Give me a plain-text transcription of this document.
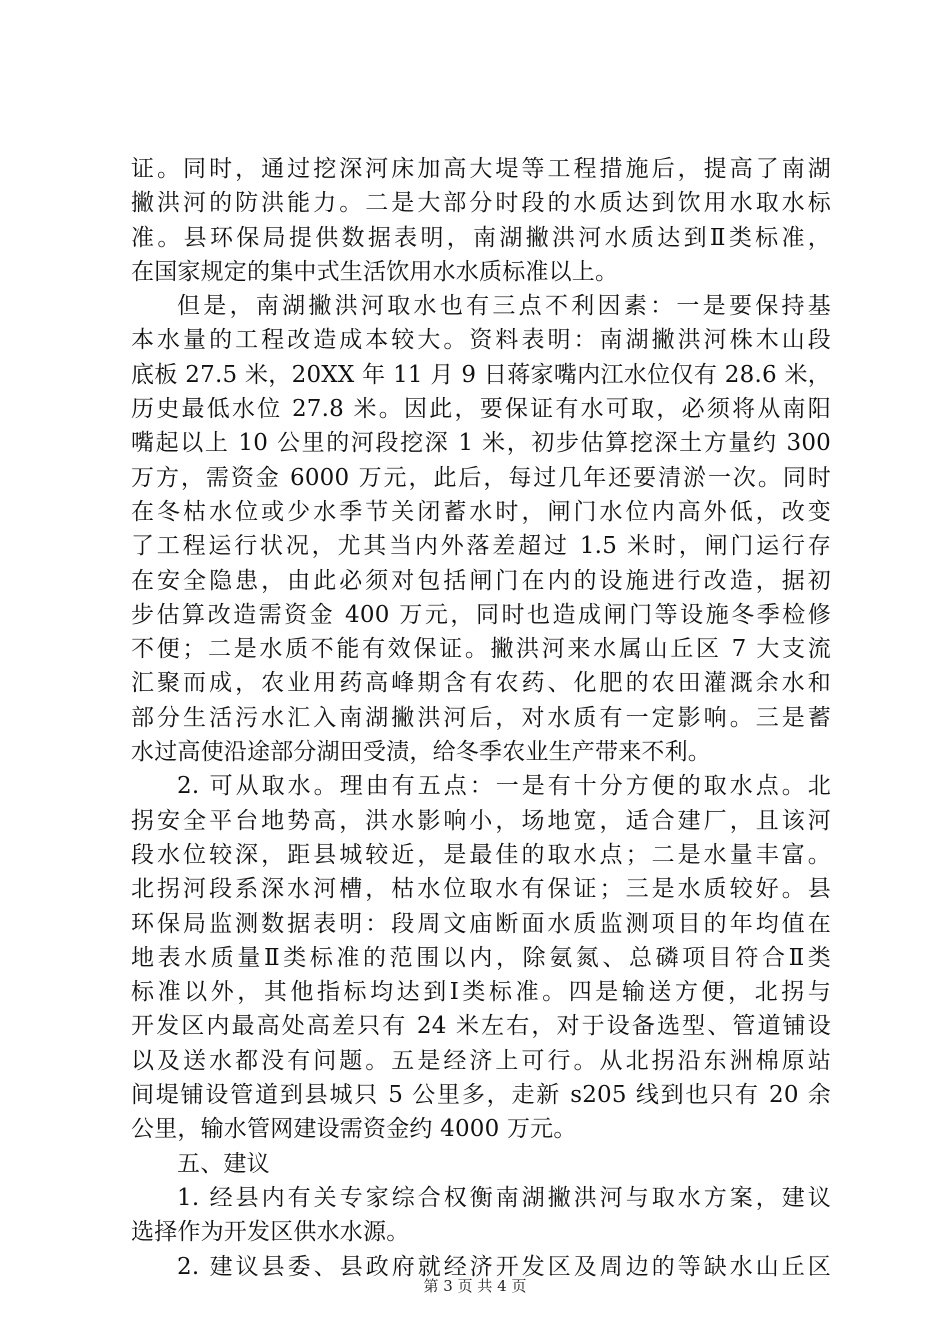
证。同时，通过挖深河床加高大堤等工程措施后，提高了南湖
撇洪河的防洪能力。二是大部分时段的水质达到饮用水取水标
准。县环保局提供数据表明，南湖撇洪河水质达到Ⅱ类标准，
在国家规定的集中式生活饮用水水质标准以上。
但是，南湖撇洪河取水也有三点不利因素：一是要保持基
本水量的工程改造成本较大。资料表明：南湖撇洪河株木山段
底板 27.5 米，20XX 年 11 月 9 日蒋家嘴内江水位仅有 28.6 米，
历史最低水位 27.8 米。因此，要保证有水可取，必须将从南阳
嘴起以上 10 公里的河段挖深 1 米，初步估算挖深土方量约 300
万方，需资金 6000 万元，此后，每过几年还要清淤一次。同时
在冬枯水位或少水季节关闭蓄水时，闸门水位内高外低，改变
了工程运行状况，尤其当内外落差超过 1.5 米时，闸门运行存
在安全隐患，由此必须对包括闸门在内的设施进行改造，据初
步估算改造需资金 400 万元，同时也造成闸门等设施冬季检修
不便；二是水质不能有效保证。撇洪河来水属山丘区 7 大支流
汇聚而成，农业用药高峰期含有农药、化肥的农田灌溉余水和
部分生活污水汇入南湖撇洪河后，对水质有一定影响。三是蓄
水过高使沿途部分湖田受渍，给冬季农业生产带来不利。
2. 可从取水。理由有五点：一是有十分方便的取水点。北
拐安全平台地势高，洪水影响小，场地宽，适合建厂，且该河
段水位较深，距县城较近，是最佳的取水点；二是水量丰富。
北拐河段系深水河槽，枯水位取水有保证；三是水质较好。县
环保局监测数据表明：段周文庙断面水质监测项目的年均值在
地表水质量Ⅱ类标准的范围以内，除氨氮、总磷项目符合Ⅱ类
标准以外，其他指标均达到Ⅰ类标准。四是输送方便，北拐与
开发区内最高处高差只有 24 米左右，对于设备选型、管道铺设
以及送水都没有问题。五是经济上可行。从北拐沿东洲棉原站
间堤铺设管道到县城只 5 公里多，走新 s205 线到也只有 20 余
公里，输水管网建设需资金约 4000 万元。
五、建议
1. 经县内有关专家综合权衡南湖撇洪河与取水方案，建议
选择作为开发区供水水源。
2. 建议县委、县政府就经济开发区及周边的等缺水山丘区
第 3 页 共 4 页
